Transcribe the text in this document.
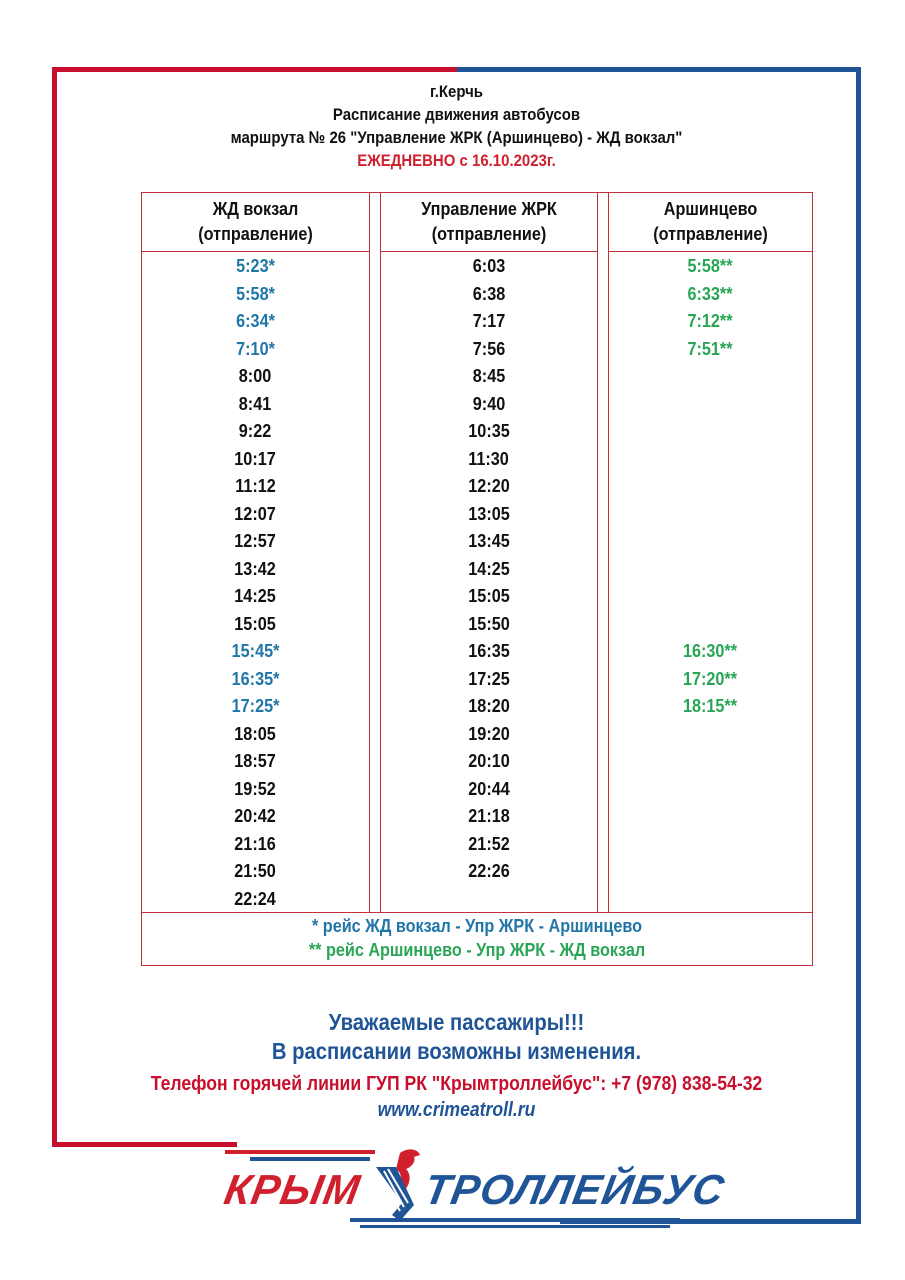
г.Керчь
Расписание движения автобусов
маршрута № 26 "Управление ЖРК (Аршинцево) - ЖД вокзал"
ЕЖЕДНЕВНО с 16.10.2023г.
ЖД вокзал
(отправление)
5:23*
5:58*
6:34*
7:10*
8:00
8:41
9:22
10:17
11:12
12:07
12:57
13:42
14:25
15:05
15:45*
16:35*
17:25*
18:05
18:57
19:52
20:42
21:16
21:50
22:24
Управление ЖРК
(отправление)
6:03
6:38
7:17
7:56
8:45
9:40
10:35
11:30
12:20
13:05
13:45
14:25
15:05
15:50
16:35
17:25
18:20
19:20
20:10
20:44
21:18
21:52
22:26
Аршинцево
(отправление)
5:58**
6:33**
7:12**
7:51**
16:30**
17:20**
18:15**
* рейс ЖД вокзал - Упр ЖРК - Аршинцево
** рейс Аршинцево - Упр ЖРК - ЖД вокзал
Уважаемые пассажиры!!!
В расписании возможны изменения.
Телефон горячей линии ГУП РК "Крымтроллейбус": +7 (978) 838-54-32
www.crimeatroll.ru
КРЫМ ТРОЛЛЕЙБУС
